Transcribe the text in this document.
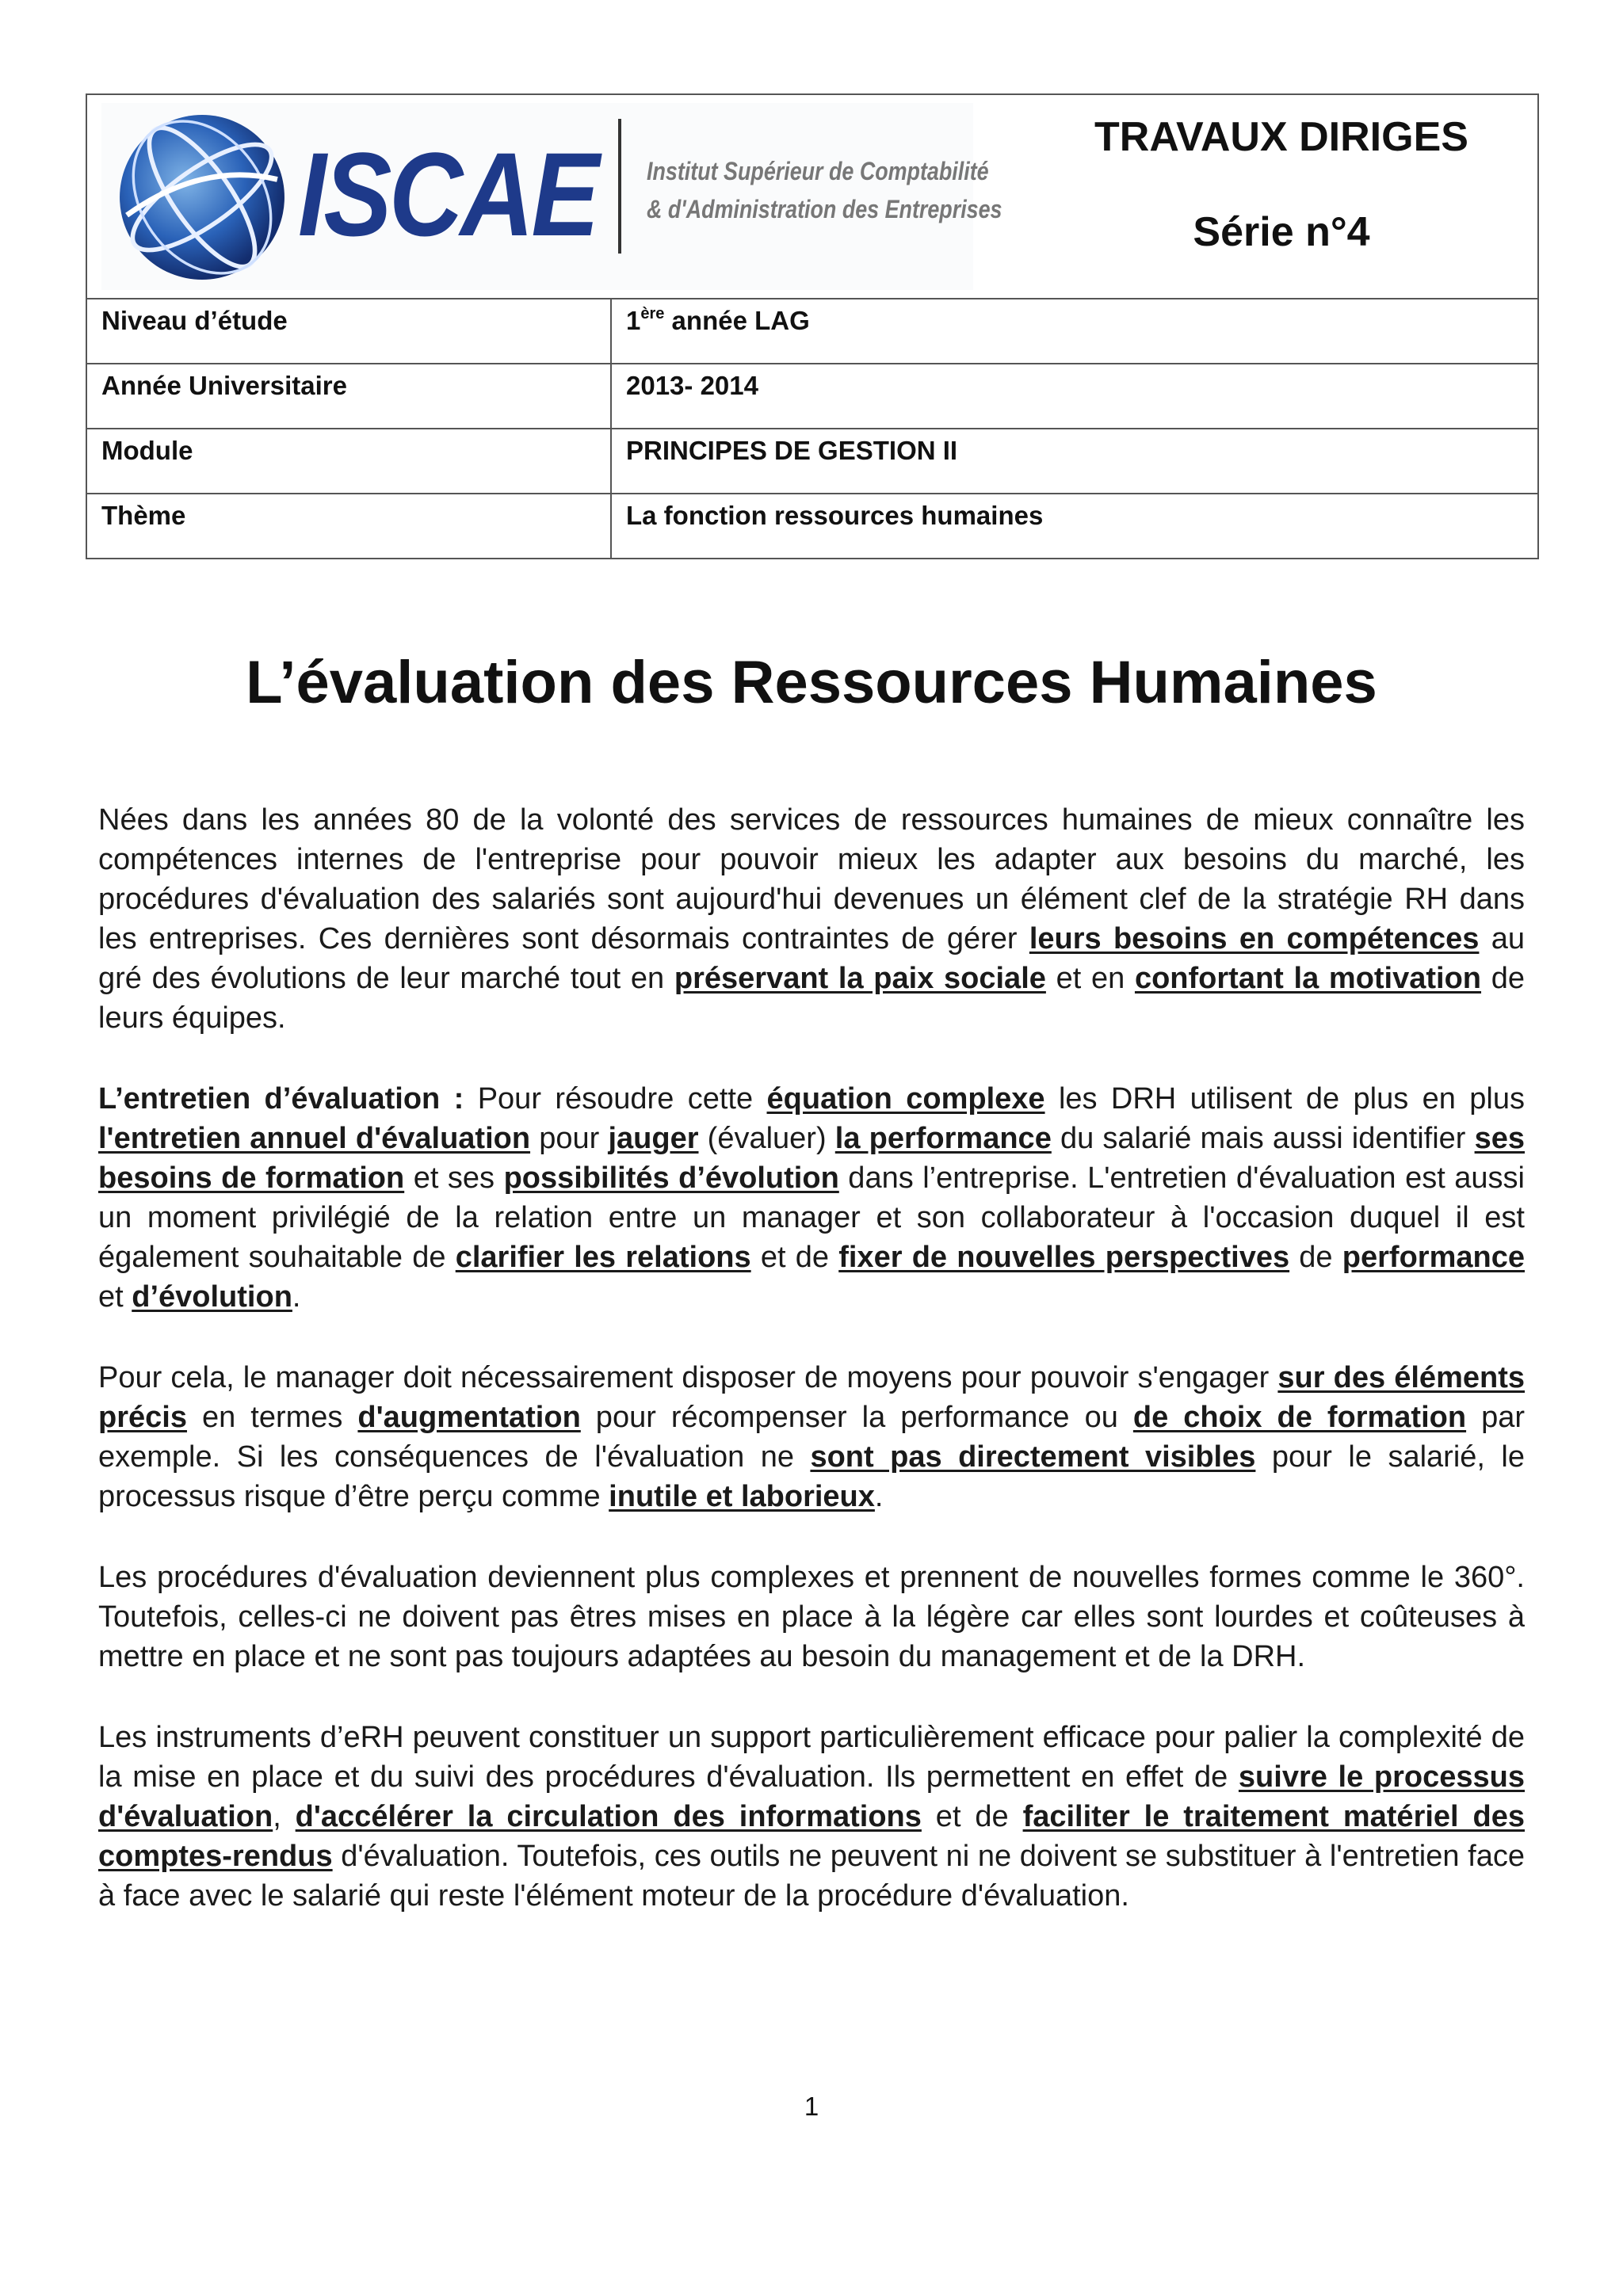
ISCAE Institut Supérieur de Comptabilité
& d'Administration des Entreprises
TRAVAUX DIRIGES
Série n°4
Niveau d’étude	1ère année LAG
Année Universitaire	2013- 2014
Module	PRINCIPES DE GESTION II
Thème	La fonction ressources humaines
L’évaluation des Ressources Humaines

Nées dans les années 80 de la volonté des services de ressources humaines de mieux connaître les compétences internes de l'entreprise pour pouvoir mieux les adapter aux besoins du marché, les procédures d'évaluation des salariés sont aujourd'hui devenues un élément clef de la stratégie RH dans les entreprises. Ces dernières sont désormais contraintes de gérer leurs besoins en compétences au gré des évolutions de leur marché tout en préservant la paix sociale et en confortant la motivation de leurs équipes.

L’entretien d’évaluation : Pour résoudre cette équation complexe les DRH utilisent de plus en plus l'entretien annuel d'évaluation pour jauger (évaluer) la performance du salarié mais aussi identifier ses besoins de formation et ses possibilités d’évolution dans l’entreprise. L'entretien d'évaluation est aussi un moment privilégié de la relation entre un manager et son collaborateur à l'occasion duquel il est également souhaitable de clarifier les relations et de fixer de nouvelles perspectives de performance et d’évolution.

Pour cela, le manager doit nécessairement disposer de moyens pour pouvoir s'engager sur des éléments précis en termes d'augmentation pour récompenser la performance ou de choix de formation par exemple. Si les conséquences de l'évaluation ne sont pas directement visibles pour le salarié, le processus risque d’être perçu comme inutile et laborieux.

Les procédures d'évaluation deviennent plus complexes et prennent de nouvelles formes comme le 360°. Toutefois, celles-ci ne doivent pas êtres mises en place à la légère car elles sont lourdes et coûteuses à mettre en place et ne sont pas toujours adaptées au besoin du management et de la DRH.

Les instruments d’eRH peuvent constituer un support particulièrement efficace pour palier la complexité de la mise en place et du suivi des procédures d'évaluation. Ils permettent en effet de suivre le processus d'évaluation, d'accélérer la circulation des informations et de faciliter le traitement matériel des comptes-rendus d'évaluation. Toutefois, ces outils ne peuvent ni ne doivent se substituer à l'entretien face à face avec le salarié qui reste l'élément moteur de la procédure d'évaluation.

1
